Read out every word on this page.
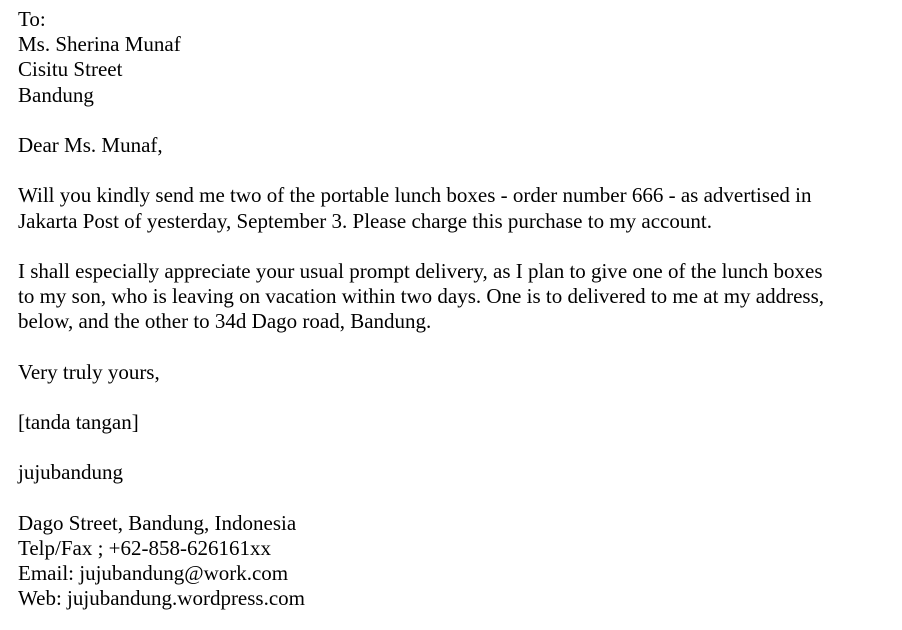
To:
Ms. Sherina Munaf
Cisitu Street
Bandung
Dear Ms. Munaf,
Will you kindly send me two of the portable lunch boxes - order number 666 - as advertised in
Jakarta Post of yesterday, September 3. Please charge this purchase to my account.
I shall especially appreciate your usual prompt delivery, as I plan to give one of the lunch boxes
to my son, who is leaving on vacation within two days. One is to delivered to me at my address,
below, and the other to 34d Dago road, Bandung.
Very truly yours,
[tanda tangan]
jujubandung
Dago Street, Bandung, Indonesia
Telp/Fax ; +62-858-626161xx
Email: jujubandung@work.com
Web: jujubandung.wordpress.com
